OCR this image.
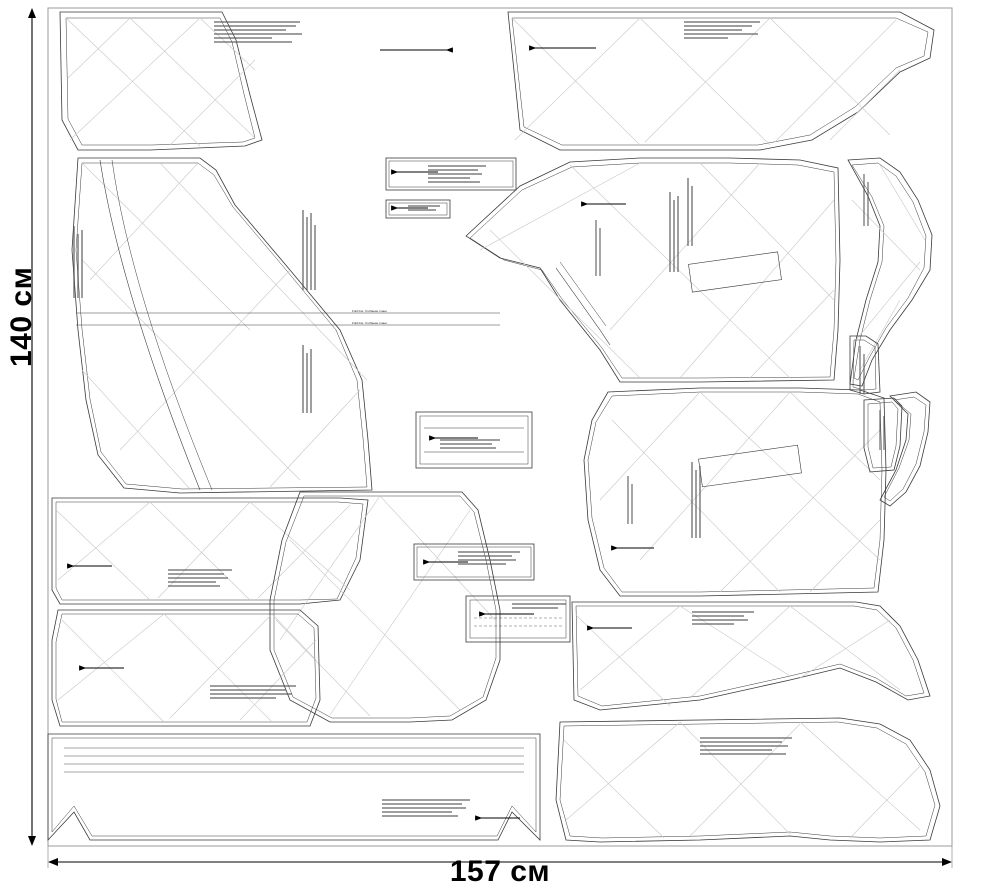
Fold line: Сгибание ткани
Fold line: Сгибание ткани
140 см
157 см
